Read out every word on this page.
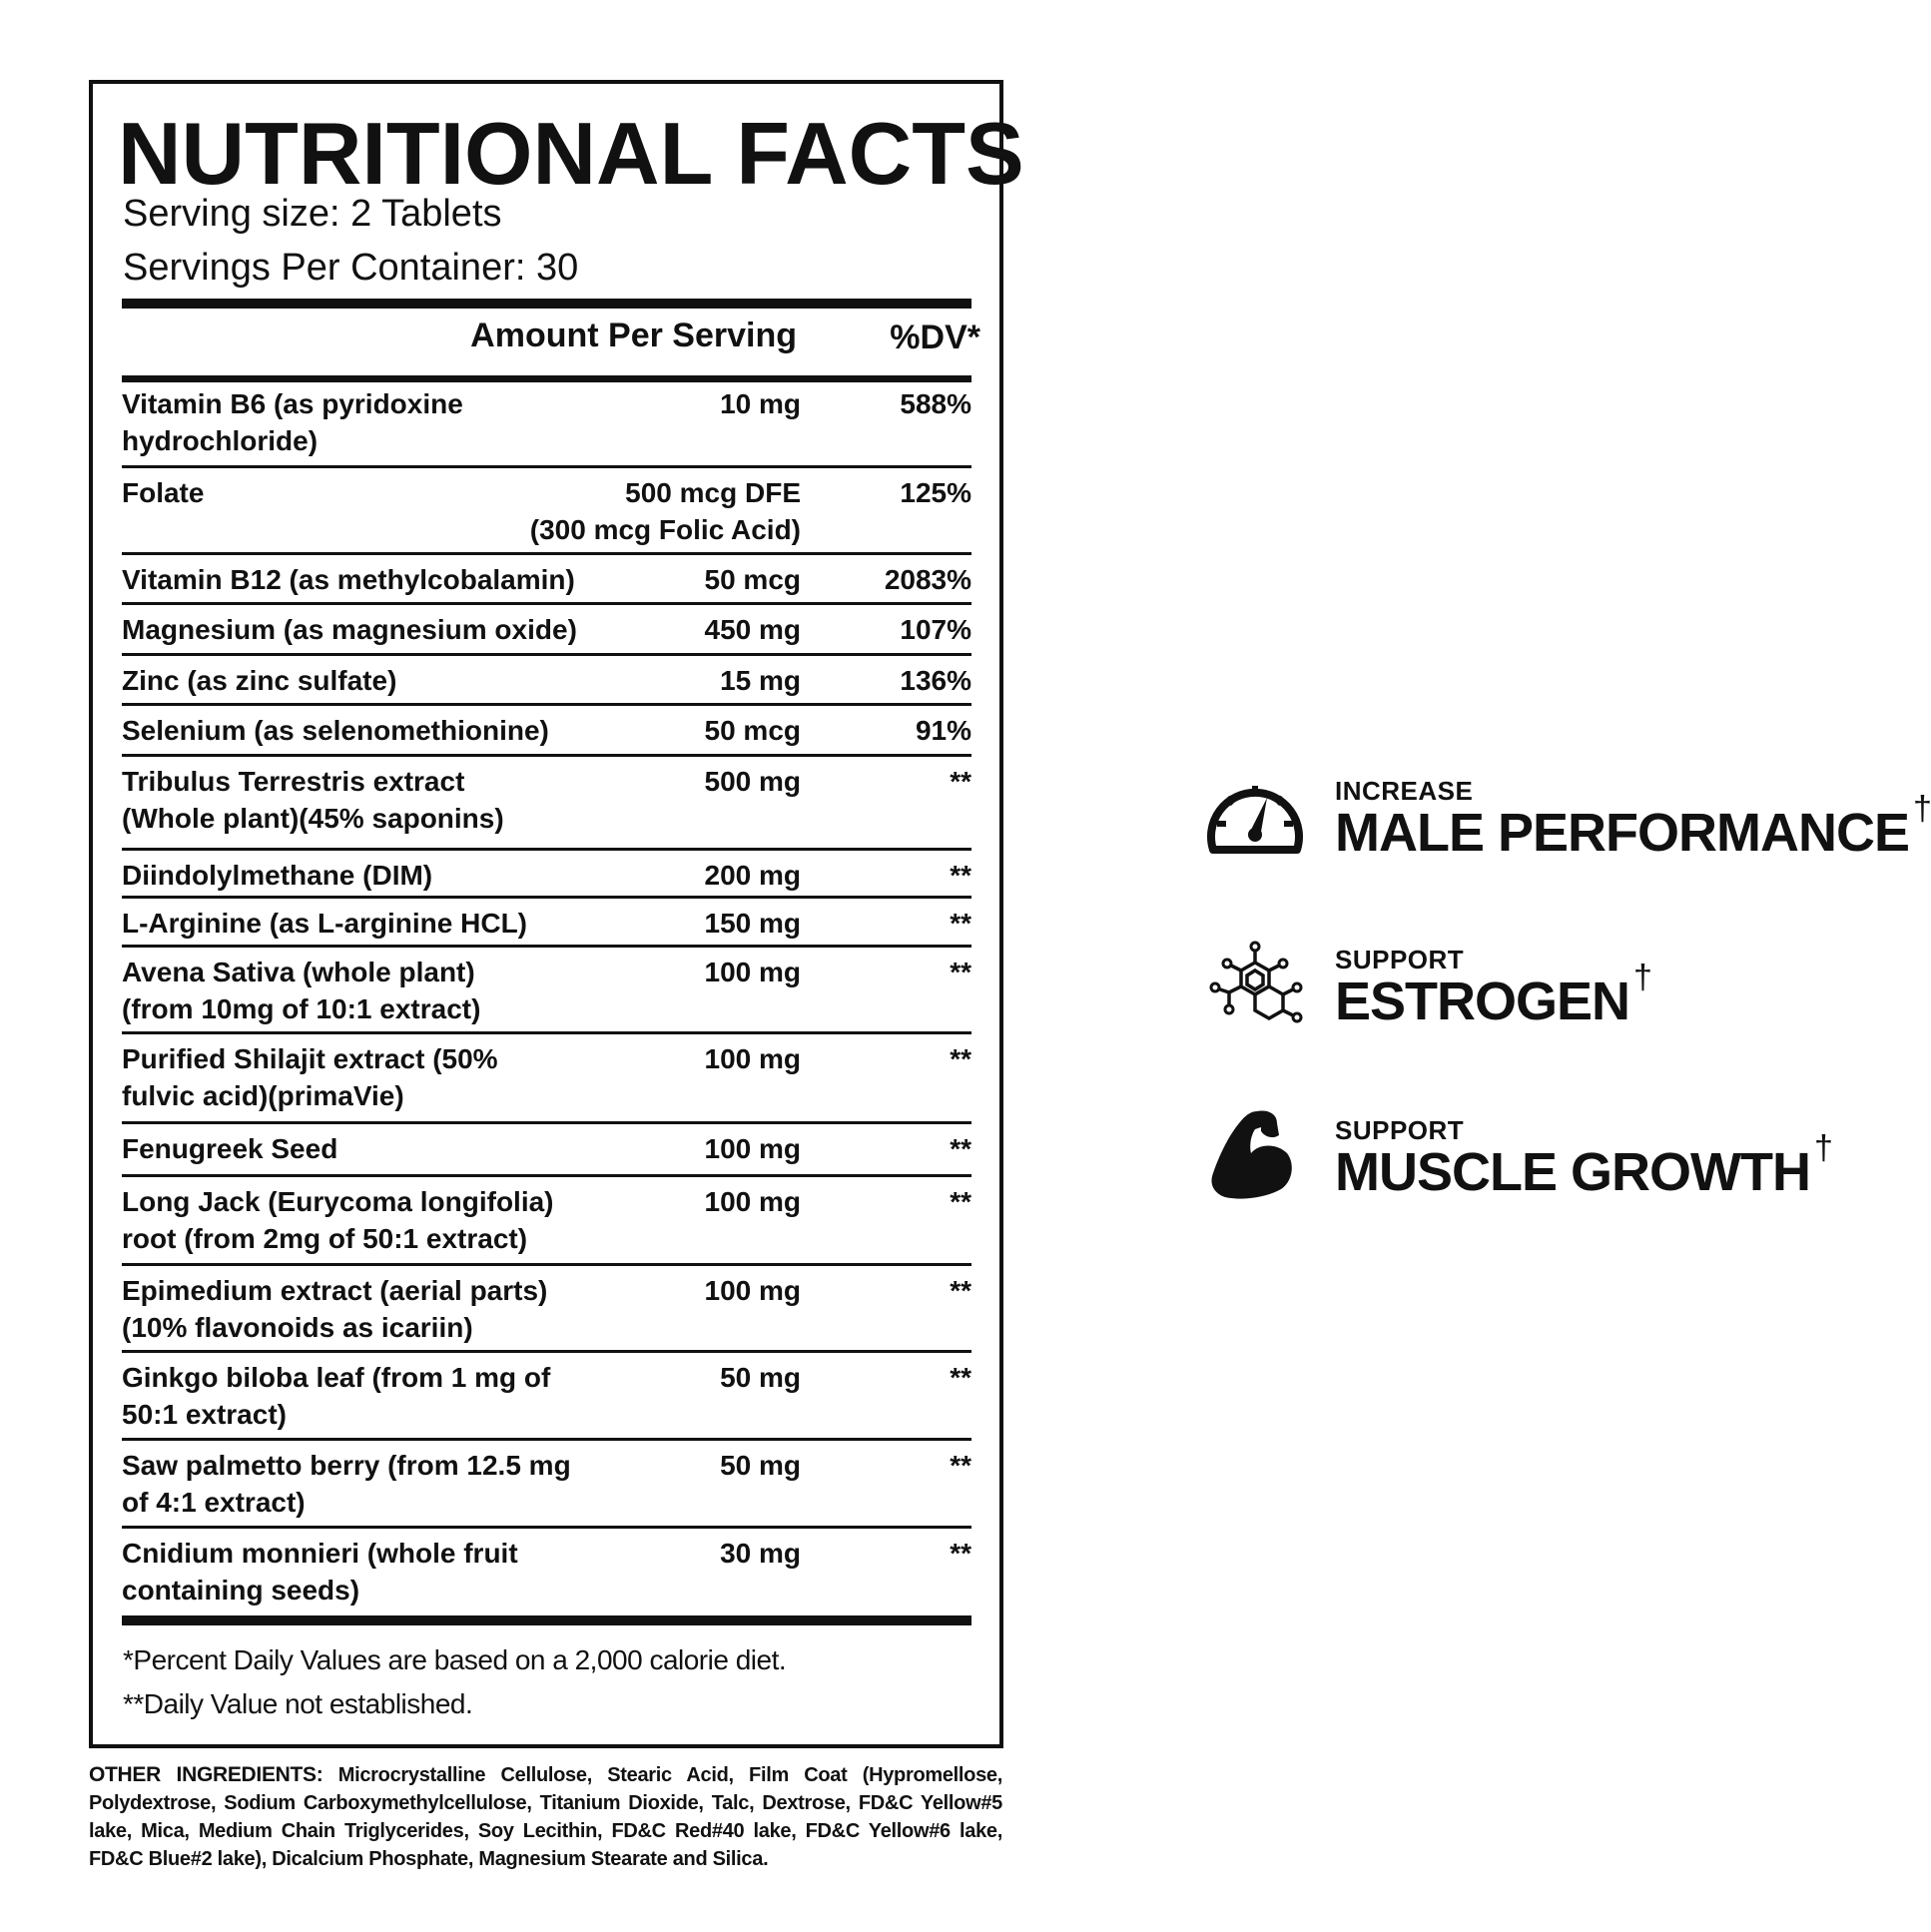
NUTRITIONAL FACTS
Serving size: 2 Tablets
Servings Per Container: 30
Amount Per Serving	%DV*
Vitamin B6 (as pyridoxine
hydrochloride)
10 mg	588%
Folate	500 mcg DFE
(300 mcg Folic Acid)
125%
Vitamin B12 (as methylcobalamin)	50 mcg	2083%
Magnesium (as magnesium oxide)	450 mg	107%
Zinc (as zinc sulfate)	15 mg	136%
Selenium (as selenomethionine)	50 mcg	91%
Tribulus Terrestris extract
(Whole plant)(45% saponins)
500 mg	**
Diindolylmethane (DIM)	200 mg	**
L-Arginine (as L-arginine HCL)	150 mg	**
Avena Sativa (whole plant)
(from 10mg of 10:1 extract)
100 mg	**
Purified Shilajit extract (50%
fulvic acid)(primaVie)
100 mg	**
Fenugreek Seed	100 mg	**
Long Jack (Eurycoma longifolia)
root (from 2mg of 50:1 extract)
100 mg	**
Epimedium extract (aerial parts)
(10% flavonoids as icariin)
100 mg	**
Ginkgo biloba leaf (from 1 mg of
50:1 extract)
50 mg	**
Saw palmetto berry (from 12.5 mg
of 4:1 extract)
50 mg	**
Cnidium monnieri (whole fruit
containing seeds)
30 mg	**
*Percent Daily Values are based on a 2,000 calorie diet.
**Daily Value not established.
OTHER INGREDIENTS: Microcrystalline Cellulose, Stearic Acid, Film Coat (Hypromellose, Polydextrose, Sodium Carboxymethylcellulose, Titanium Dioxide, Talc, Dextrose, FD&C Yellow#5 lake, Mica, Medium Chain Triglycerides, Soy Lecithin, FD&C Red#40 lake, FD&C Yellow#6 lake, FD&C Blue#2 lake), Dicalcium Phosphate, Magnesium Stearate and Silica.
INCREASE
MALE PERFORMANCE †
SUPPORT
ESTROGEN †
SUPPORT
MUSCLE GROWTH †
